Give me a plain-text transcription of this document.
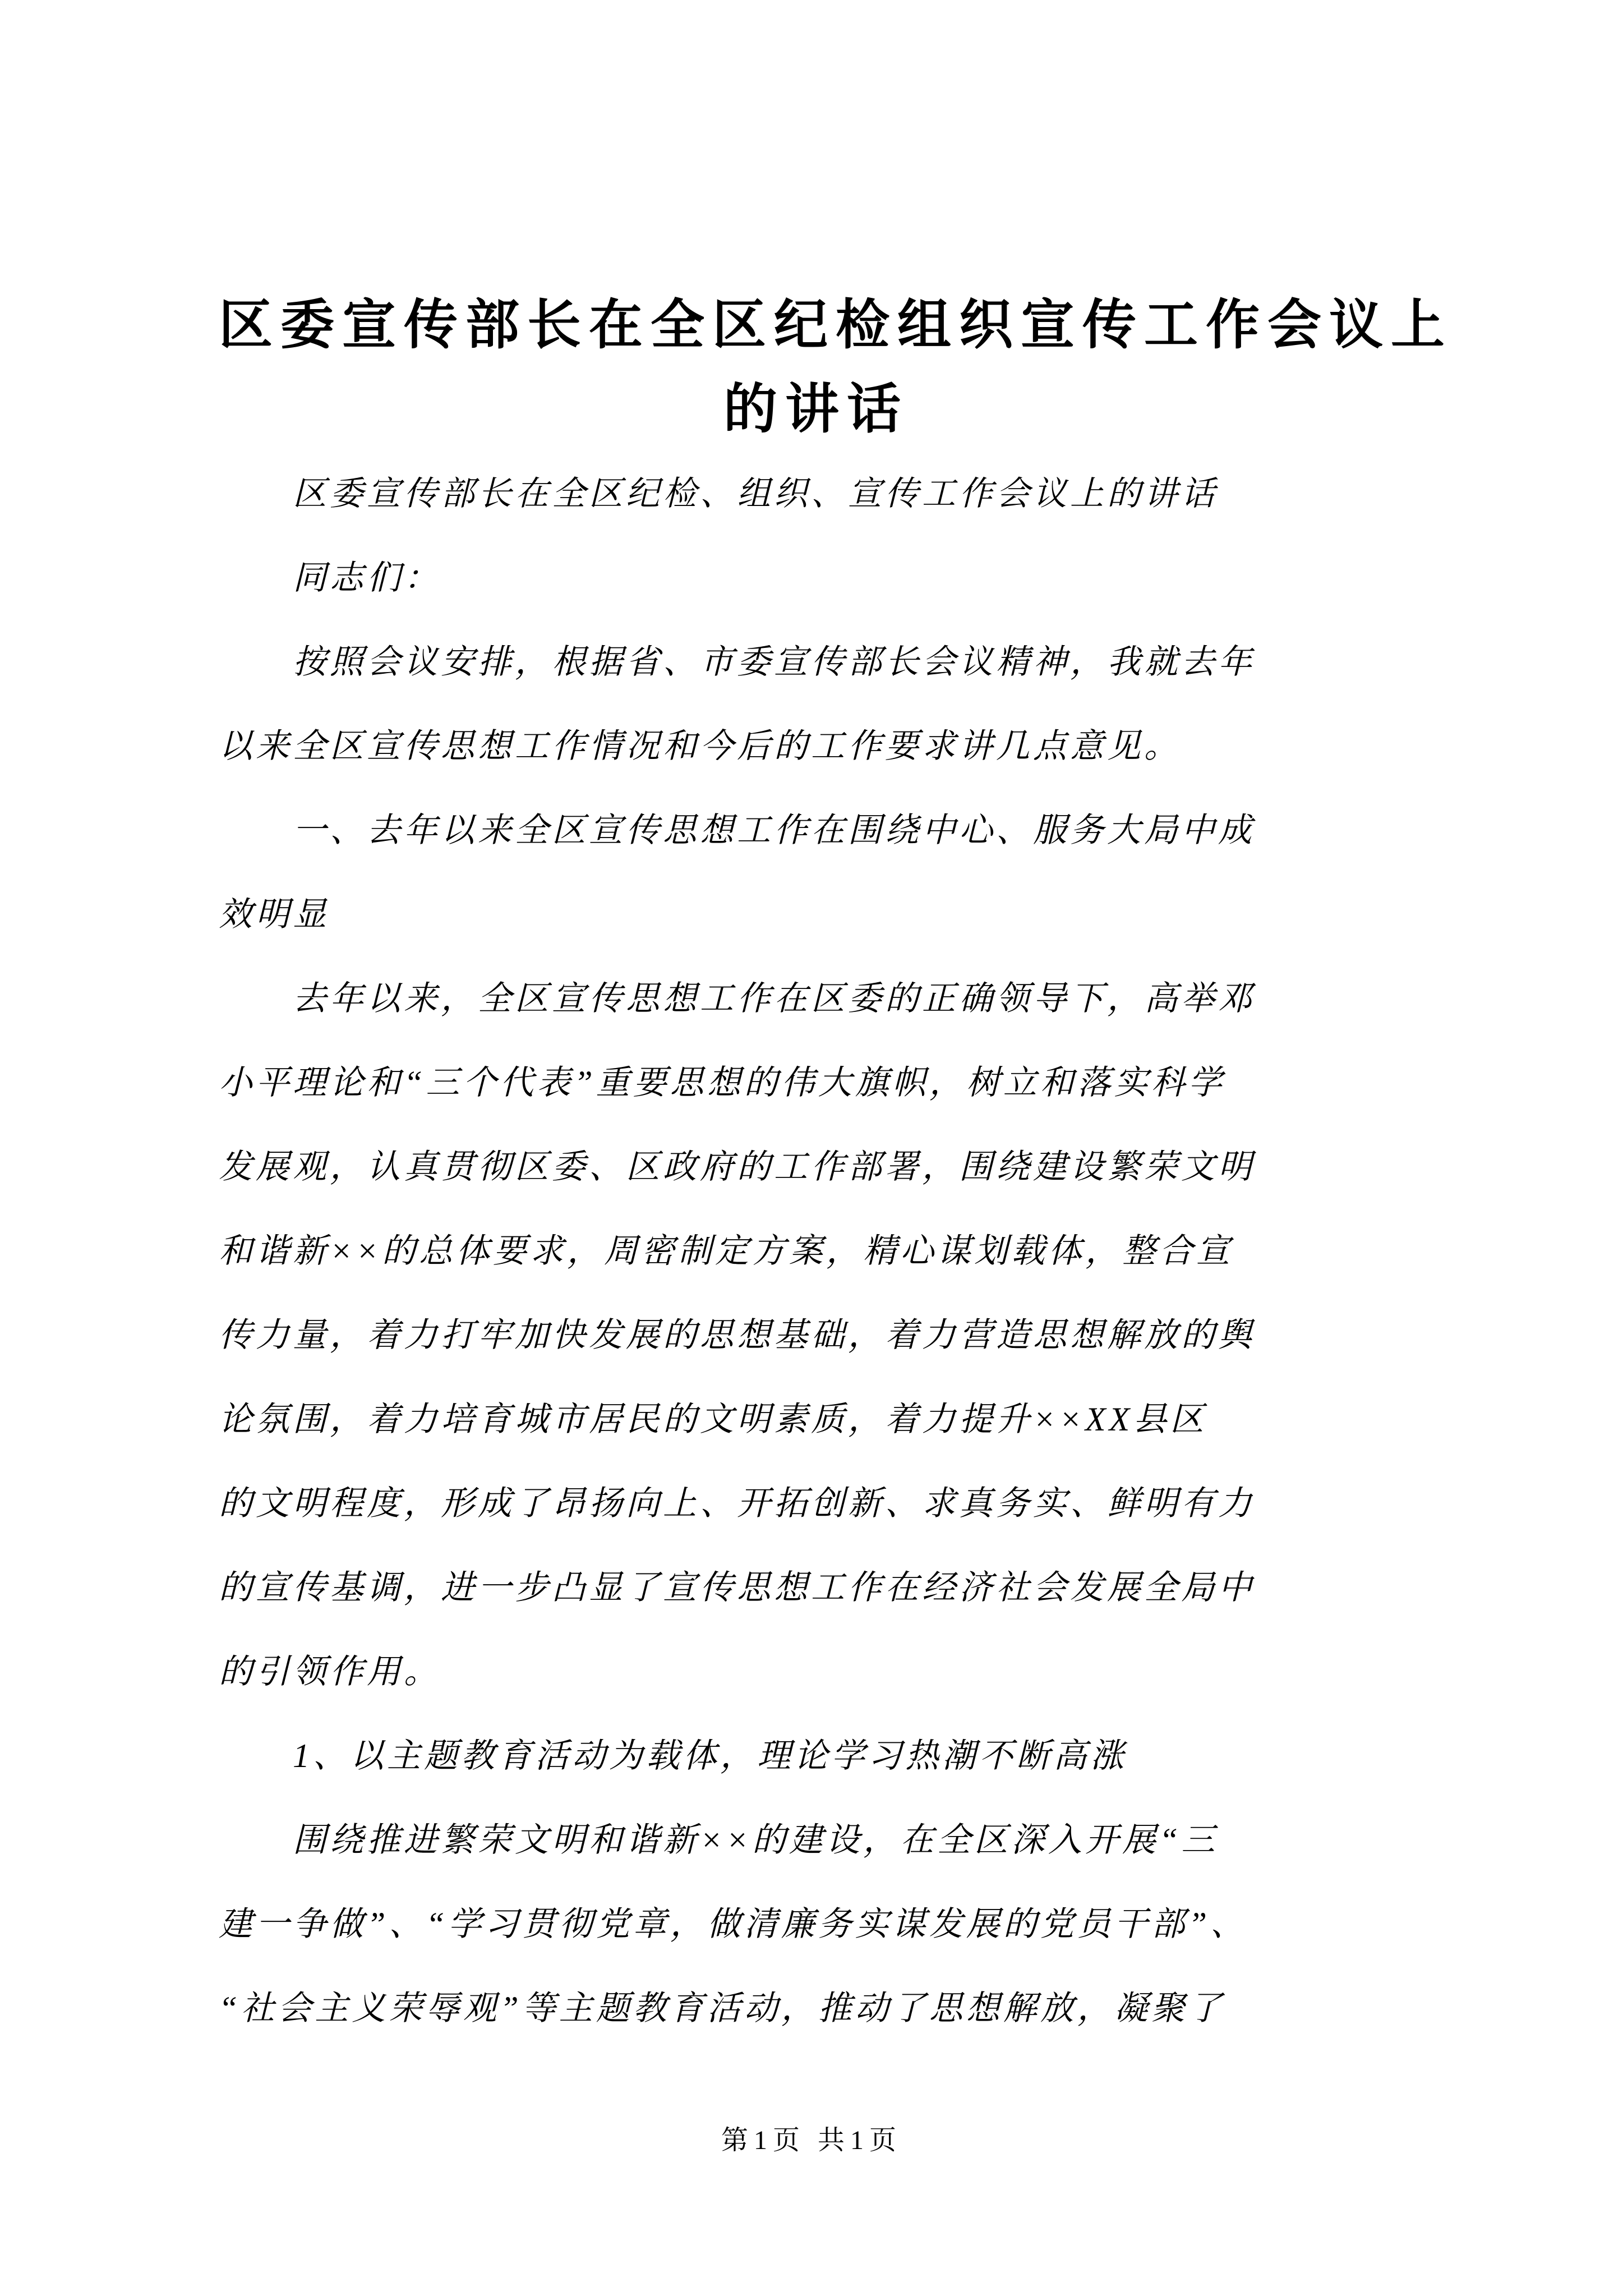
区委宣传部长在全区纪检组织宣传工作会议上
的讲话
区委宣传部长在全区纪检、组织、宣传工作会议上的讲话
同志们：
按照会议安排，根据省、市委宣传部长会议精神，我就去年
以来全区宣传思想工作情况和今后的工作要求讲几点意见。
一、去年以来全区宣传思想工作在围绕中心、服务大局中成
效明显
去年以来，全区宣传思想工作在区委的正确领导下，高举邓
小平理论和“三个代表”重要思想的伟大旗帜，树立和落实科学
发展观，认真贯彻区委、区政府的工作部署，围绕建设繁荣文明
和谐新××的总体要求，周密制定方案，精心谋划载体，整合宣
传力量，着力打牢加快发展的思想基础，着力营造思想解放的舆
论氛围，着力培育城市居民的文明素质，着力提升××XX县区
的文明程度，形成了昂扬向上、开拓创新、求真务实、鲜明有力
的宣传基调，进一步凸显了宣传思想工作在经济社会发展全局中
的引领作用。
1、以主题教育活动为载体，理论学习热潮不断高涨
围绕推进繁荣文明和谐新××的建设，在全区深入开展“三
建一争做”、“学习贯彻党章，做清廉务实谋发展的党员干部”、
“社会主义荣辱观”等主题教育活动，推动了思想解放，凝聚了
第1页 共1页
